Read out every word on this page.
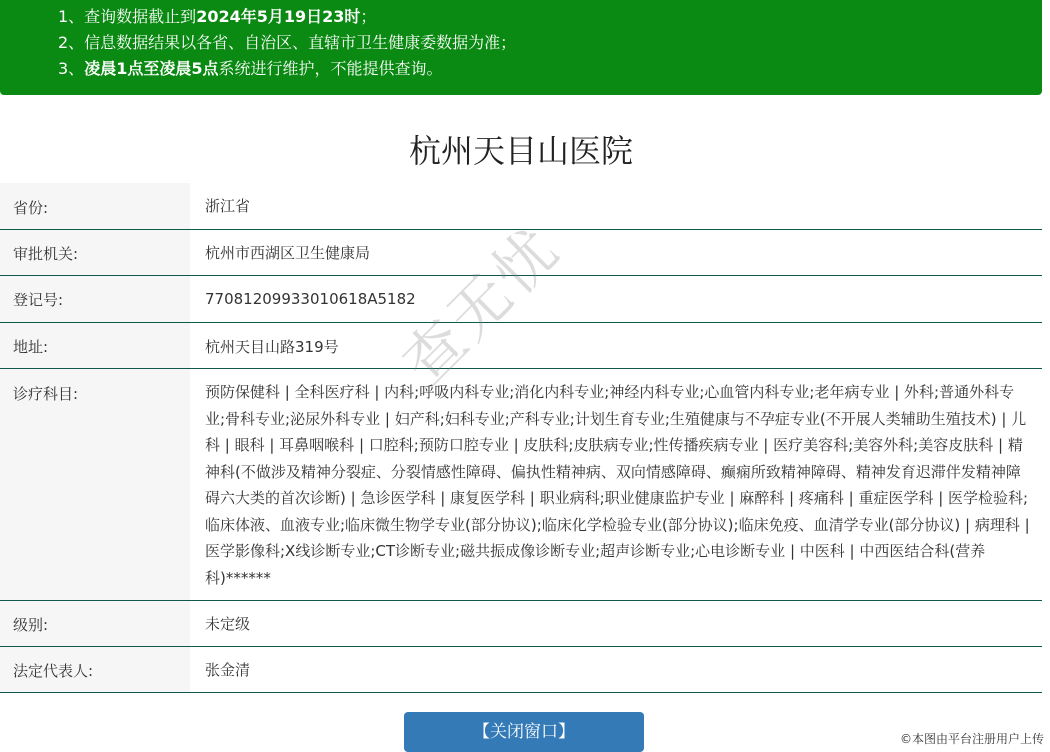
1、查询数据截止到2024年5月19日23时；
2、信息数据结果以各省、自治区、直辖市卫生健康委数据为准；
3、凌晨1点至凌晨5点系统进行维护，不能提供查询。
杭州天目山医院
省份:	浙江省
审批机关:	杭州市西湖区卫生健康局
登记号:	77081209933010618A5182
地址:	杭州天目山路319号
诊疗科目:	预防保健科 | 全科医疗科 | 内科;呼吸内科专业;消化内科专业;神经内科专业;心血管内科专业;老年病专业 | 外科;普通外科专业;骨科专业;泌尿外科专业 | 妇产科;妇科专业;产科专业;计划生育专业;生殖健康与不孕症专业(不开展人类辅助生殖技术) | 儿科 | 眼科 | 耳鼻咽喉科 | 口腔科;预防口腔专业 | 皮肤科;皮肤病专业;性传播疾病专业 | 医疗美容科;美容外科;美容皮肤科 | 精神科(不做涉及精神分裂症、分裂情感性障碍、偏执性精神病、双向情感障碍、癫痫所致精神障碍、精神发育迟滞伴发精神障碍六大类的首次诊断) | 急诊医学科 | 康复医学科 | 职业病科;职业健康监护专业 | 麻醉科 | 疼痛科 | 重症医学科 | 医学检验科;临床体液、血液专业;临床微生物学专业(部分协议);临床化学检验专业(部分协议);临床免疫、血清学专业(部分协议) | 病理科 | 医学影像科;X线诊断专业;CT诊断专业;磁共振成像诊断专业;超声诊断专业;心电诊断专业 | 中医科 | 中西医结合科(营养科)******
级别:	未定级
法定代表人:	张金清
【关闭窗口】
查无忧
©本图由平台注册用户上传
